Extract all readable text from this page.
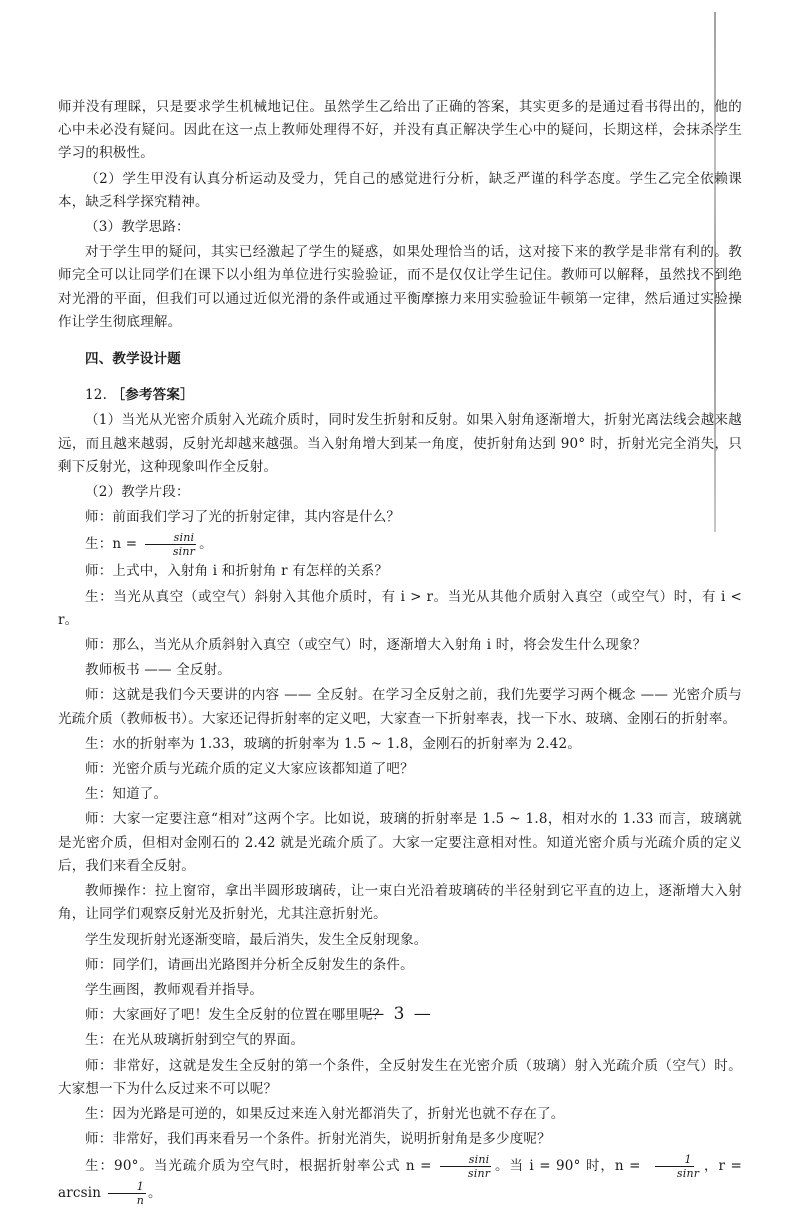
师并没有理睬，只是要求学生机械地记住。虽然学生乙给出了正确的答案，其实更多的是通过看书得出的，他的心中未必没有疑问。因此在这一点上教师处理得不好，并没有真正解决学生心中的疑问，长期这样，会抹杀学生学习的积极性。

（2）学生甲没有认真分析运动及受力，凭自己的感觉进行分析，缺乏严谨的科学态度。学生乙完全依赖课本，缺乏科学探究精神。

（3）教学思路：

对于学生甲的疑问，其实已经激起了学生的疑惑，如果处理恰当的话，这对接下来的教学是非常有利的。教师完全可以让同学们在课下以小组为单位进行实验验证，而不是仅仅让学生记住。教师可以解释，虽然找不到绝对光滑的平面，但我们可以通过近似光滑的条件或通过平衡摩擦力来用实验验证牛顿第一定律，然后通过实验操作让学生彻底理解。

四、教学设计题

12. ［参考答案］

（1）当光从光密介质射入光疏介质时，同时发生折射和反射。如果入射角逐渐增大，折射光离法线会越来越远，而且越来越弱，反射光却越来越强。当入射角增大到某一角度，使折射角达到 90° 时，折射光完全消失，只剩下反射光，这种现象叫作全反射。

（2）教学片段：

师：前面我们学习了光的折射定律，其内容是什么？

生：$n = \frac{\sin i}{\sin r}$ 。

师：上式中，入射角 i 和折射角 r 有怎样的关系？

生：当光从真空（或空气）斜射入其他介质时，有 i > r。当光从其他介质射入真空（或空气）时，有 i < r。

师：那么，当光从介质斜射入真空（或空气）时，逐渐增大入射角 i 时，将会发生什么现象？

教师板书 —— 全反射。

师：这就是我们今天要讲的内容 —— 全反射。在学习全反射之前，我们先要学习两个概念 —— 光密介质与光疏介质（教师板书）。大家还记得折射率的定义吧，大家查一下折射率表，找一下水、玻璃、金刚石的折射率。

生：水的折射率为 1.33，玻璃的折射率为 1.5 ~ 1.8，金刚石的折射率为 2.42。

师：光密介质与光疏介质的定义大家应该都知道了吧？

生：知道了。

师：大家一定要注意“相对”这两个字。比如说，玻璃的折射率是 1.5 ~ 1.8，相对水的 1.33 而言，玻璃就是光密介质，但相对金刚石的 2.42 就是光疏介质了。大家一定要注意相对性。知道光密介质与光疏介质的定义后，我们来看全反射。

教师操作：拉上窗帘，拿出半圆形玻璃砖，让一束白光沿着玻璃砖的半径射到它平直的边上，逐渐增大入射角，让同学们观察反射光及折射光，尤其注意折射光。

学生发现折射光逐渐变暗，最后消失，发生全反射现象。

师：同学们，请画出光路图并分析全反射发生的条件。

学生画图，教师观看并指导。

师：大家画好了吧！发生全反射的位置在哪里呢？

生：在光从玻璃折射到空气的界面。

师：非常好，这就是发生全反射的第一个条件，全反射发生在光密介质（玻璃）射入光疏介质（空气）时。大家想一下为什么反过来不可以呢？

生：因为光路是可逆的，如果反过来连入射光都消失了，折射光也就不存在了。

师：非常好，我们再来看另一个条件。折射光消失，说明折射角是多少度呢？

生：90°。当光疏介质为空气时，根据折射率公式 $n = \frac{\sin i}{\sin r}$ 。当 i = 90° 时，$n = \frac{1}{\sin r}$ ，$r = \arcsin \frac{1}{n}$ 。

— 3 —
